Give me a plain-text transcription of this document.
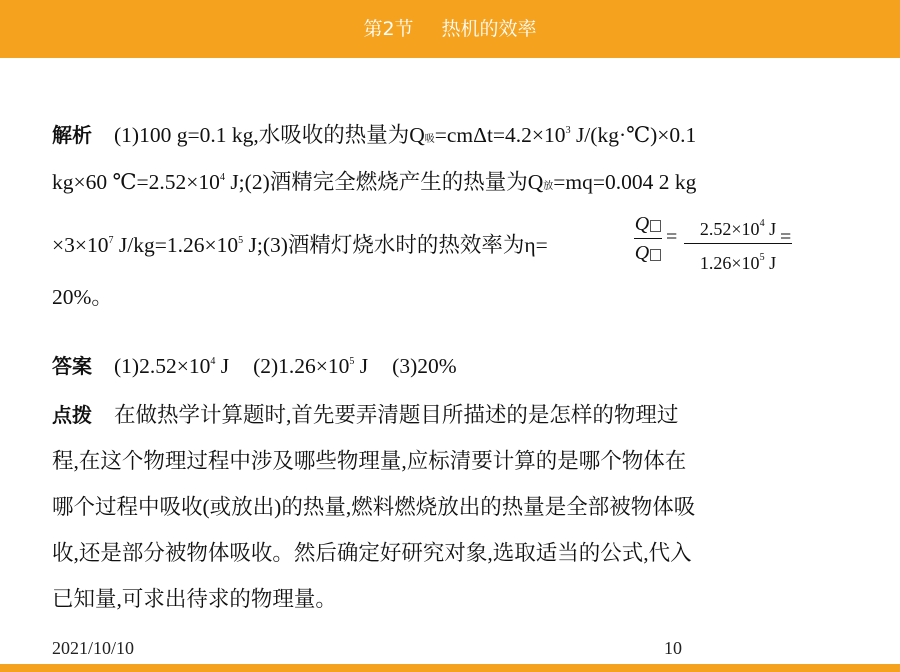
第2节 热机的效率
解析 (1)100 g=0.1 kg,水吸收的热量为Q吸$=cm\Delta t=4.2\times 10^3$ J/(kg·℃)×0.1
kg×60 $℃=2.52\times 10^4$ J;(2)酒精完全燃烧产生的热量为Q放=mq=0.004 2 kg
$\times 3\times 10^7$ $J/kg=1.26\times 10^5$ J;(3)酒精灯烧水时的热效率为η=
Q
Q
=	$2.52\times 10^4$ J
$1.26\times 10^5$ J
=
20%。
答案 $(1)2.52\times 10^4$ J $(2)1.26\times 10^5$ J (3)20%
点拨 在做热学计算题时,首先要弄清题目所描述的是怎样的物理过
程,在这个物理过程中涉及哪些物理量,应标清要计算的是哪个物体在
哪个过程中吸收(或放出)的热量,燃料燃烧放出的热量是全部被物体吸
收,还是部分被物体吸收。然后确定好研究对象,选取适当的公式,代入
已知量,可求出待求的物理量。
2021/10/10	10
